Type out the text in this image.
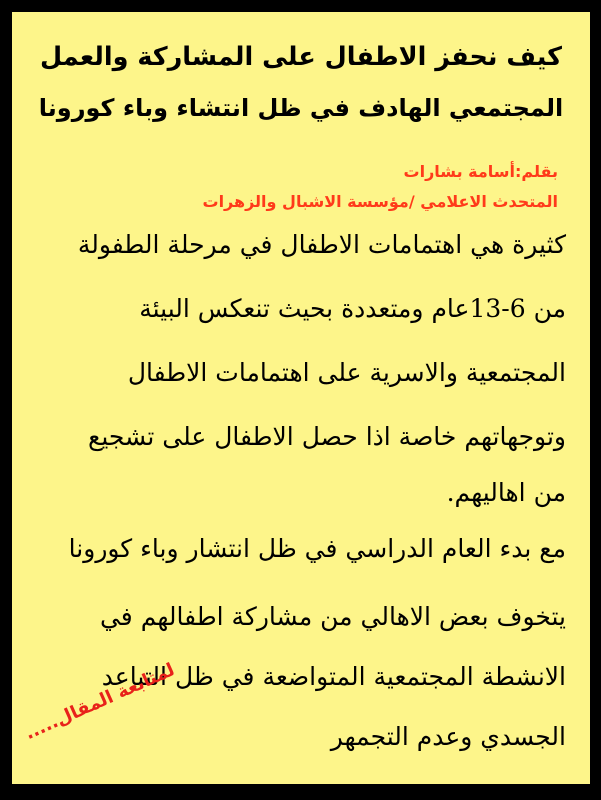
كيف نحفز الاطفال على المشاركة والعمل
المجتمعي الهادف في ظل انتشاء وباء كورونا
بقلم:أسامة بشارات
المتحدث الاعلامي /مؤسسة الاشبال والزهرات
كثيرة هي اهتمامات الاطفال في مرحلة الطفولة
من 6-13عام ومتعددة بحيث تنعكس البيئة
المجتمعية والاسرية على اهتمامات الاطفال
وتوجهاتهم خاصة اذا حصل الاطفال على تشجيع
من اهاليهم.
مع بدء العام الدراسي في ظل انتشار وباء كورونا
يتخوف بعض الاهالي من مشاركة اطفالهم في
الانشطة المجتمعية المتواضعة في ظل التباعد
الجسدي وعدم التجمهر
لمتابعة المقال.....
